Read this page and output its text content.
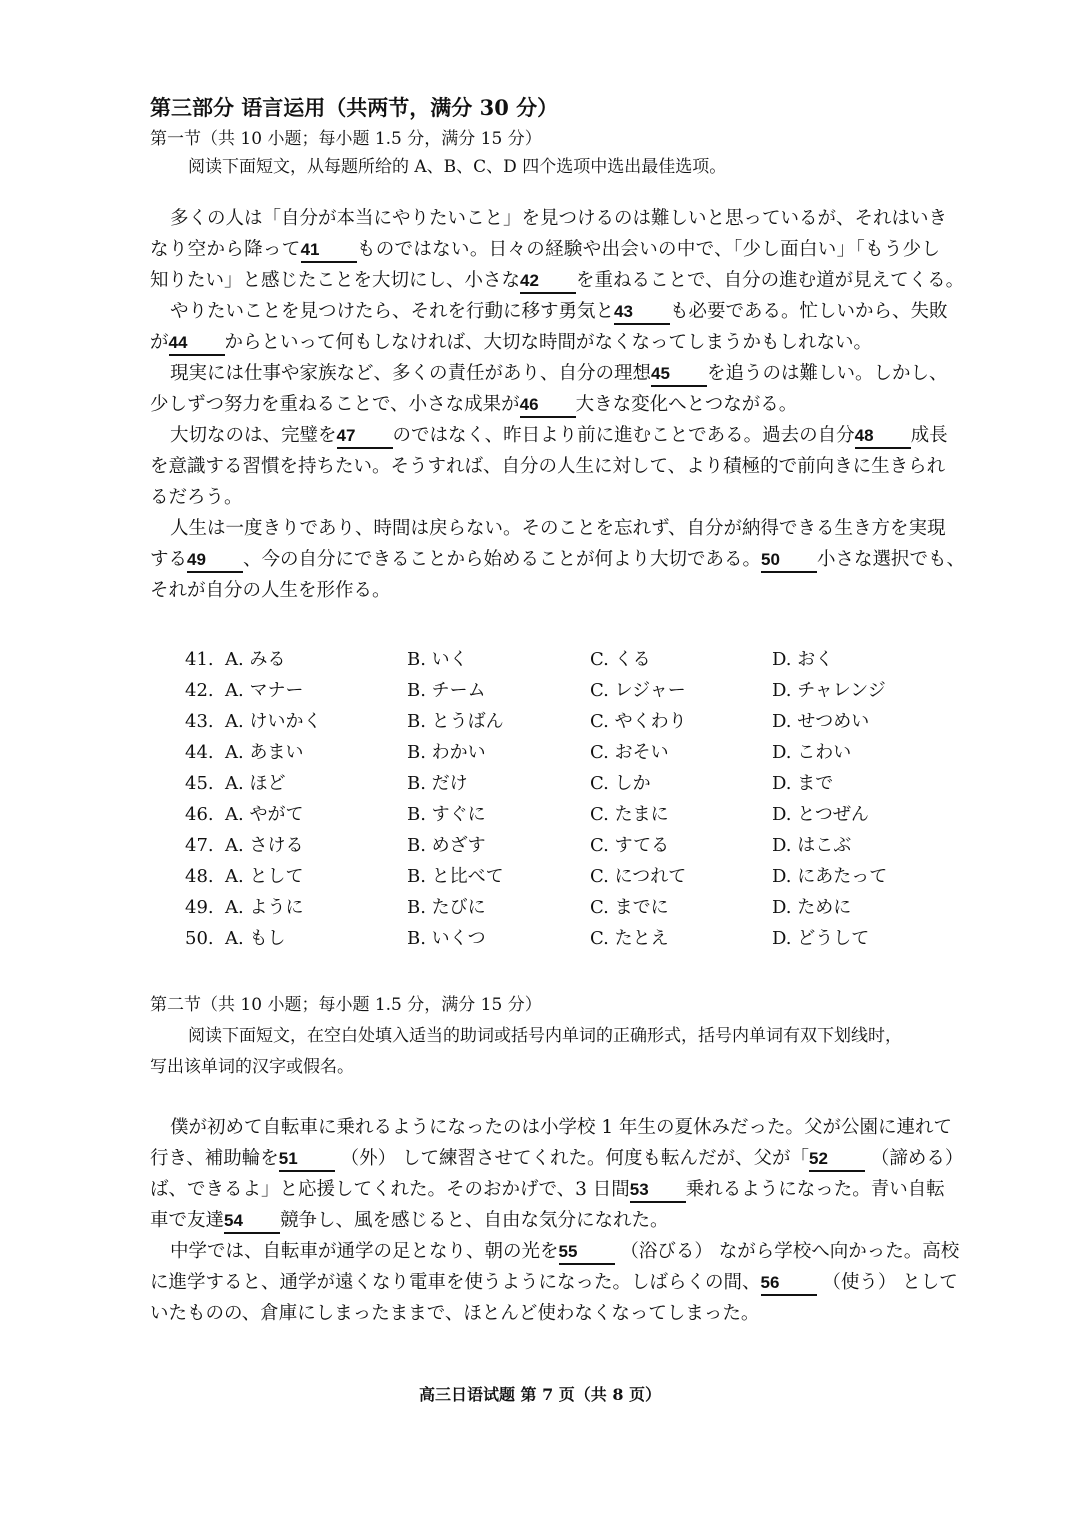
第三部分 语言运用（共两节，满分 30 分）
第一节（共 10 小题；每小题 1.5 分，满分 15 分）
阅读下面短文，从每题所给的 A、B、C、D 四个选项中选出最佳选项。
多くの人は「自分が本当にやりたいこと」を見つけるのは難しいと思っているが、それはいき
なり空から降って41 ものではない。日々の経験や出会いの中で、「少し面白い」「もう少し
知りたい」と感じたことを大切にし、小さな42 を重ねることで、自分の進む道が見えてくる。
やりたいことを見つけたら、それを行動に移す勇気と43 も必要である。忙しいから、失敗
が44 からといって何もしなければ、大切な時間がなくなってしまうかもしれない。
現実には仕事や家族など、多くの責任があり、自分の理想45 を追うのは難しい。しかし、
少しずつ努力を重ねることで、小さな成果が46 大きな変化へとつながる。
大切なのは、完璧を47 のではなく、昨日より前に進むことである。過去の自分48 成長
を意識する習慣を持ちたい。そうすれば、自分の人生に対して、より積極的で前向きに生きられ
るだろう。
人生は一度きりであり、時間は戻らない。そのことを忘れず、自分が納得できる生き方を実現
する49 、今の自分にできることから始めることが何より大切である。50 小さな選択でも、
それが自分の人生を形作る。
41. A. みる	B. いく	C. くる	D. おく
42. A. マナー	B. チーム	C. レジャー	D. チャレンジ
43. A. けいかく	B. とうばん	C. やくわり	D. せつめい
44. A. あまい	B. わかい	C. おそい	D. こわい
45. A. ほど	B. だけ	C. しか	D. まで
46. A. やがて	B. すぐに	C. たまに	D. とつぜん
47. A. さける	B. めざす	C. すてる	D. はこぶ
48. A. として	B. と比べて	C. につれて	D. にあたって
49. A. ように	B. たびに	C. までに	D. ために
50. A. もし	B. いくつ	C. たとえ	D. どうして
第二节（共 10 小题；每小题 1.5 分，满分 15 分）
阅读下面短文，在空白处填入适当的助词或括号内单词的正确形式，括号内单词有双下划线时，
写出该单词的汉字或假名。
僕が初めて自転車に乗れるようになったのは小学校 1 年生の夏休みだった。父が公園に連れて
行き、補助輪を51 （外） して練習させてくれた。何度も転んだが、父が「52 （諦める）
ば、できるよ」と応援してくれた。そのおかげで、3 日間53 乗れるようになった。青い自転
車で友達54 競争し、風を感じると、自由な気分になれた。
中学では、自転車が通学の足となり、朝の光を55 （浴びる） ながら学校へ向かった。高校
に進学すると、通学が遠くなり電車を使うようになった。しばらくの間、56 （使う） として
いたものの、倉庫にしまったままで、ほとんど使わなくなってしまった。
高三日语试题 第 7 页（共 8 页）
